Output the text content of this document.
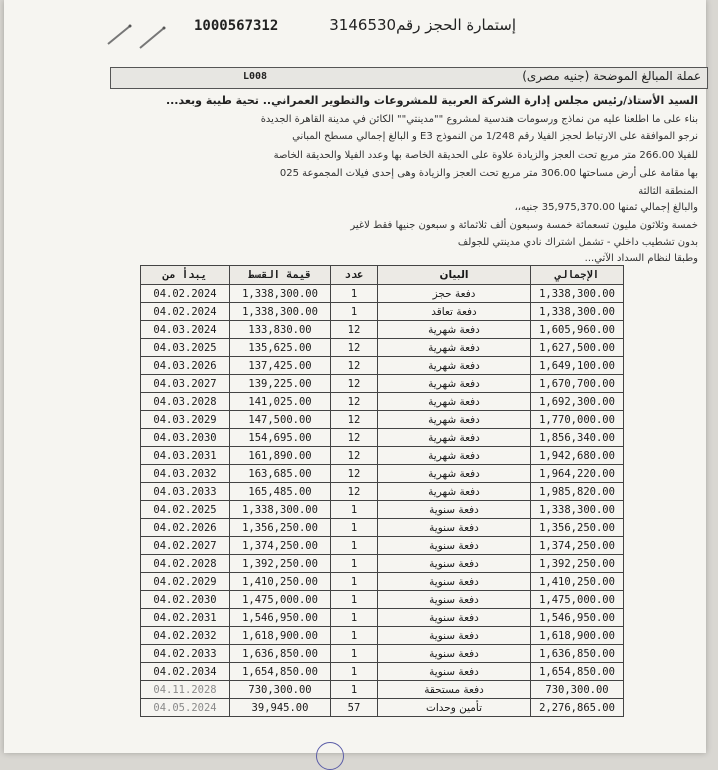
إستمارة الحجز رقم3146530
1000567312
عملة المبالغ الموضحة (جنيه مصرى)
L008
السيد الأستاذ/رئيس مجلس إدارة الشركة العربية للمشروعات والتطوير العمراني.. تحية طيبة وبعد...
بناء على ما اطلعنا عليه من نماذج ورسومات هندسية لمشروع ""مدينتي"" الكائن في مدينة القاهرة الجديدة
نرجو الموافقة على الارتباط لحجز الفيلا رقم 1/248 من النموذج E3 و البالغ إجمالي مسطح المباني
للفيلا 266.00 متر مربع تحت العجز والزيادة علاوة على الحديقة الخاصة بها وعدد الفيلا والحديقة الخاصة
بها مقامة على أرض مساحتها 306.00 متر مربع تحت العجز والزيادة وهى إحدى فيلات المجموعة 025
المنطقة الثالثة
والبالغ إجمالي ثمنها 35,975,370.00 جنيه،،
خمسة وثلاثون مليون تسعمائة خمسة وسبعون ألف ثلاثمائة و سبعون جنيها فقط لاغير
بدون تشطيب داخلي - تشمل اشتراك نادي مدينتي للجولف
وطبقا لنظام السداد الآتي...
يبدأ من	قيمة القسط	عدد	البيان	الإجمالي
04.02.2024	1,338,300.00	1	دفعة حجز	1,338,300.00
04.02.2024	1,338,300.00	1	دفعة تعاقد	1,338,300.00
04.03.2024	133,830.00	12	دفعة شهرية	1,605,960.00
04.03.2025	135,625.00	12	دفعة شهرية	1,627,500.00
04.03.2026	137,425.00	12	دفعة شهرية	1,649,100.00
04.03.2027	139,225.00	12	دفعة شهرية	1,670,700.00
04.03.2028	141,025.00	12	دفعة شهرية	1,692,300.00
04.03.2029	147,500.00	12	دفعة شهرية	1,770,000.00
04.03.2030	154,695.00	12	دفعة شهرية	1,856,340.00
04.03.2031	161,890.00	12	دفعة شهرية	1,942,680.00
04.03.2032	163,685.00	12	دفعة شهرية	1,964,220.00
04.03.2033	165,485.00	12	دفعة شهرية	1,985,820.00
04.02.2025	1,338,300.00	1	دفعة سنوية	1,338,300.00
04.02.2026	1,356,250.00	1	دفعة سنوية	1,356,250.00
04.02.2027	1,374,250.00	1	دفعة سنوية	1,374,250.00
04.02.2028	1,392,250.00	1	دفعة سنوية	1,392,250.00
04.02.2029	1,410,250.00	1	دفعة سنوية	1,410,250.00
04.02.2030	1,475,000.00	1	دفعة سنوية	1,475,000.00
04.02.2031	1,546,950.00	1	دفعة سنوية	1,546,950.00
04.02.2032	1,618,900.00	1	دفعة سنوية	1,618,900.00
04.02.2033	1,636,850.00	1	دفعة سنوية	1,636,850.00
04.02.2034	1,654,850.00	1	دفعة سنوية	1,654,850.00
04.11.2028	730,300.00	1	دفعة مستحقة	730,300.00
04.05.2024	39,945.00	57	تأمين وحدات	2,276,865.00
